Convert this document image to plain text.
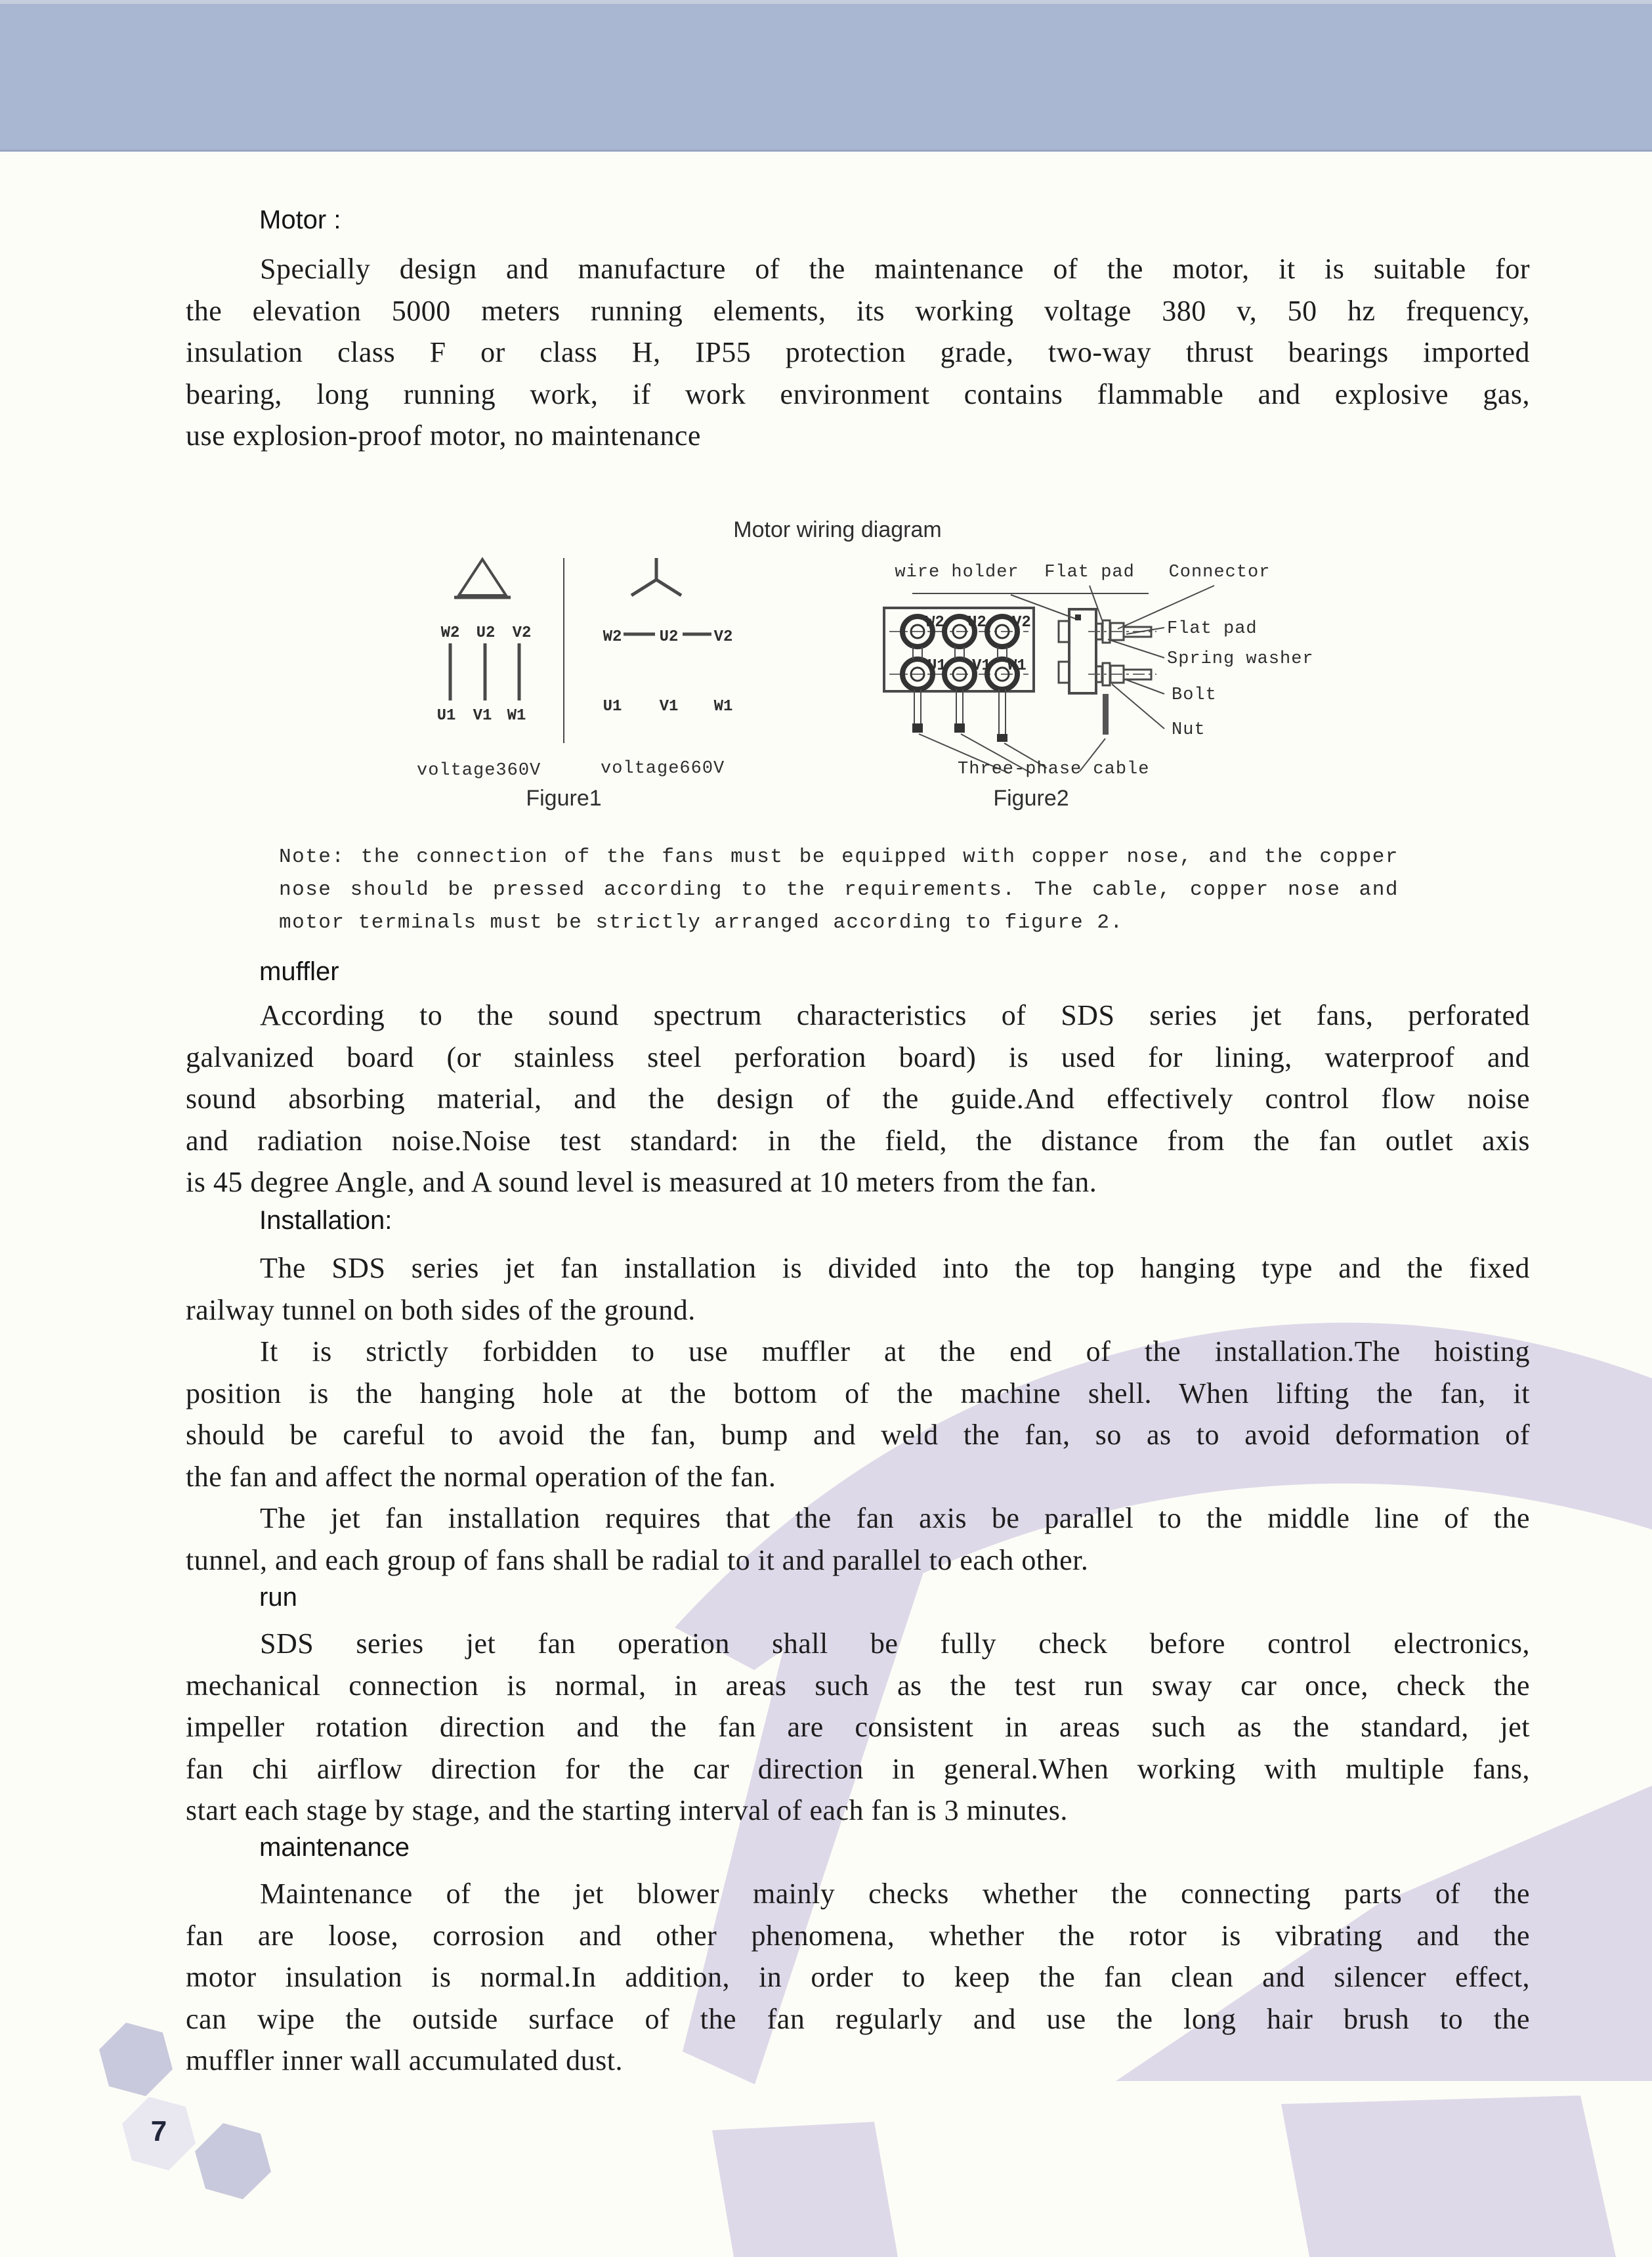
Motor :
Specially design and manufacture of the maintenance of the motor, it is suitable for
the elevation 5000 meters running elements, its working voltage 380 v, 50 hz frequency,
insulation class F or class H, IP55 protection grade, two-way thrust bearings imported
bearing, long running work, if work environment contains flammable and explosive gas,
use explosion-proof motor, no maintenance
Motor wiring diagram
W2 U2 V2
U1 V1 W1
W2 U2 V2
U1 V1 W1
voltage360V	voltage660V
Figure1
wire holder Flat pad Connector
W2 U2 V2
U1 V1 W1
Flat pad
Spring washer
Bolt
Nut
Three-phase cable
Figure2
Note: the connection of the fans must be equipped with copper nose, and the copper
nose should be pressed according to the requirements. The cable, copper nose and
motor terminals must be strictly arranged according to figure 2.
muffler
According to the sound spectrum characteristics of SDS series jet fans, perforated
galvanized board (or stainless steel perforation board) is used for lining, waterproof and
sound absorbing material, and the design of the guide.And effectively control flow noise
and radiation noise.Noise test standard: in the field, the distance from the fan outlet axis
is 45 degree Angle, and A sound level is measured at 10 meters from the fan.
Installation:
The SDS series jet fan installation is divided into the top hanging type and the fixed
railway tunnel on both sides of the ground.
It is strictly forbidden to use muffler at the end of the installation.The hoisting
position is the hanging hole at the bottom of the machine shell. When lifting the fan, it
should be careful to avoid the fan, bump and weld the fan, so as to avoid deformation of
the fan and affect the normal operation of the fan.
The jet fan installation requires that the fan axis be parallel to the middle line of the
tunnel, and each group of fans shall be radial to it and parallel to each other.
run
SDS series jet fan operation shall be fully check before control electronics,
mechanical connection is normal, in areas such as the test run sway car once, check the
impeller rotation direction and the fan are consistent in areas such as the standard, jet
fan chi airflow direction for the car direction in general.When working with multiple fans,
start each stage by stage, and the starting interval of each fan is 3 minutes.
maintenance
Maintenance of the jet blower mainly checks whether the connecting parts of the
fan are loose, corrosion and other phenomena, whether the rotor is vibrating and the
motor insulation is normal.In addition, in order to keep the fan clean and silencer effect,
can wipe the outside surface of the fan regularly and use the long hair brush to the
muffler inner wall accumulated dust.
7
